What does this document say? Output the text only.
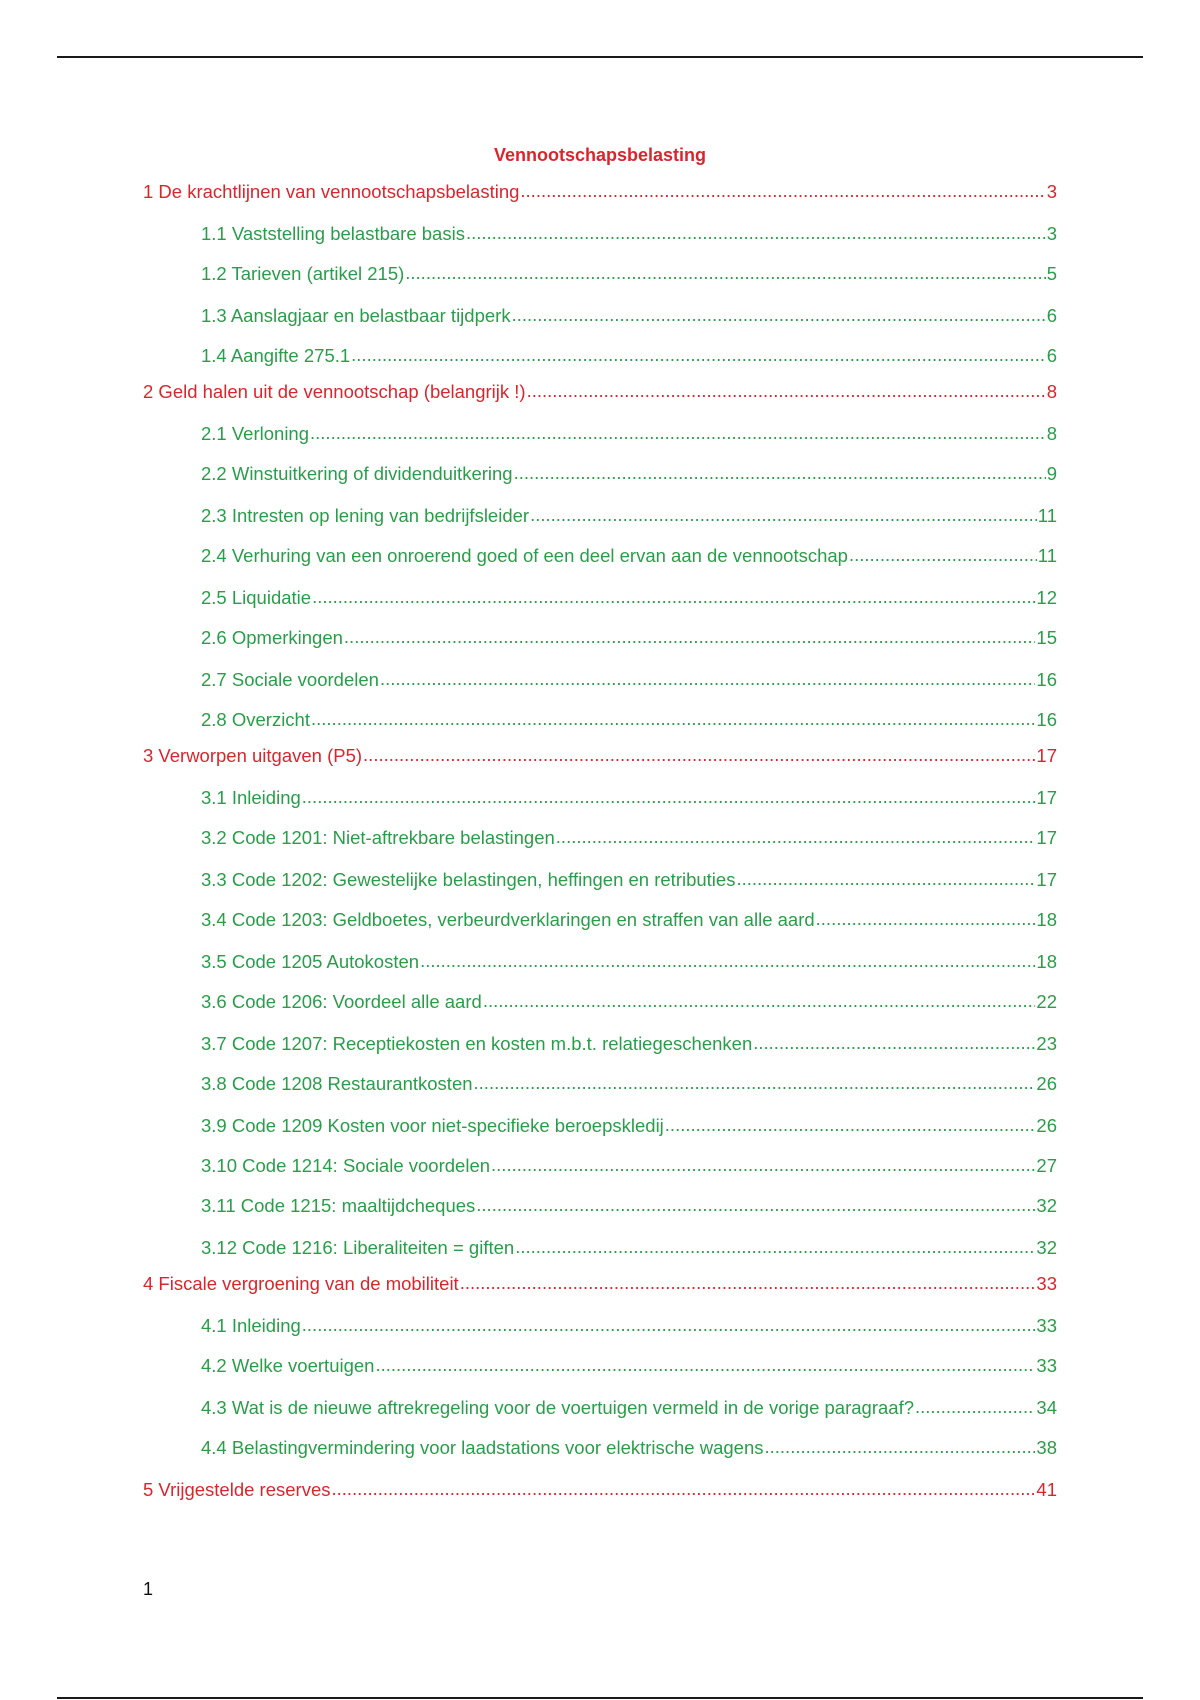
Vennootschapsbelasting
1 De krachtlijnen van vennootschapsbelasting .....	3
1.1 Vaststelling belastbare basis .....	3
1.2 Tarieven (artikel 215) .....	5
1.3 Aanslagjaar en belastbaar tijdperk .....	6
1.4 Aangifte 275.1 .....	6
2 Geld halen uit de vennootschap (belangrijk !) .....	8
2.1 Verloning .....	8
2.2 Winstuitkering of dividenduitkering .....	9
2.3 Intresten op lening van bedrijfsleider .....	11
2.4 Verhuring van een onroerend goed of een deel ervan aan de vennootschap .....	11
2.5 Liquidatie .....	12
2.6 Opmerkingen .....	15
2.7 Sociale voordelen .....	16
2.8 Overzicht .....	16
3 Verworpen uitgaven (P5) .....	17
3.1 Inleiding .....	17
3.2 Code 1201: Niet-aftrekbare belastingen .....	17
3.3 Code 1202: Gewestelijke belastingen, heffingen en retributies .....	17
3.4 Code 1203: Geldboetes, verbeurdverklaringen en straffen van alle aard .....	18
3.5 Code 1205 Autokosten .....	18
3.6 Code 1206: Voordeel alle aard .....	22
3.7 Code 1207: Receptiekosten en kosten m.b.t. relatiegeschenken .....	23
3.8 Code 1208 Restaurantkosten .....	26
3.9 Code 1209 Kosten voor niet-specifieke beroepskledij .....	26
3.10 Code 1214: Sociale voordelen .....	27
3.11 Code 1215: maaltijdcheques .....	32
3.12 Code 1216: Liberaliteiten = giften .....	32
4 Fiscale vergroening van de mobiliteit .....	33
4.1 Inleiding .....	33
4.2 Welke voertuigen .....	33
4.3 Wat is de nieuwe aftrekregeling voor de voertuigen vermeld in de vorige paragraaf? .....	34
4.4 Belastingvermindering voor laadstations voor elektrische wagens .....	38
5 Vrijgestelde reserves .....	41
1
